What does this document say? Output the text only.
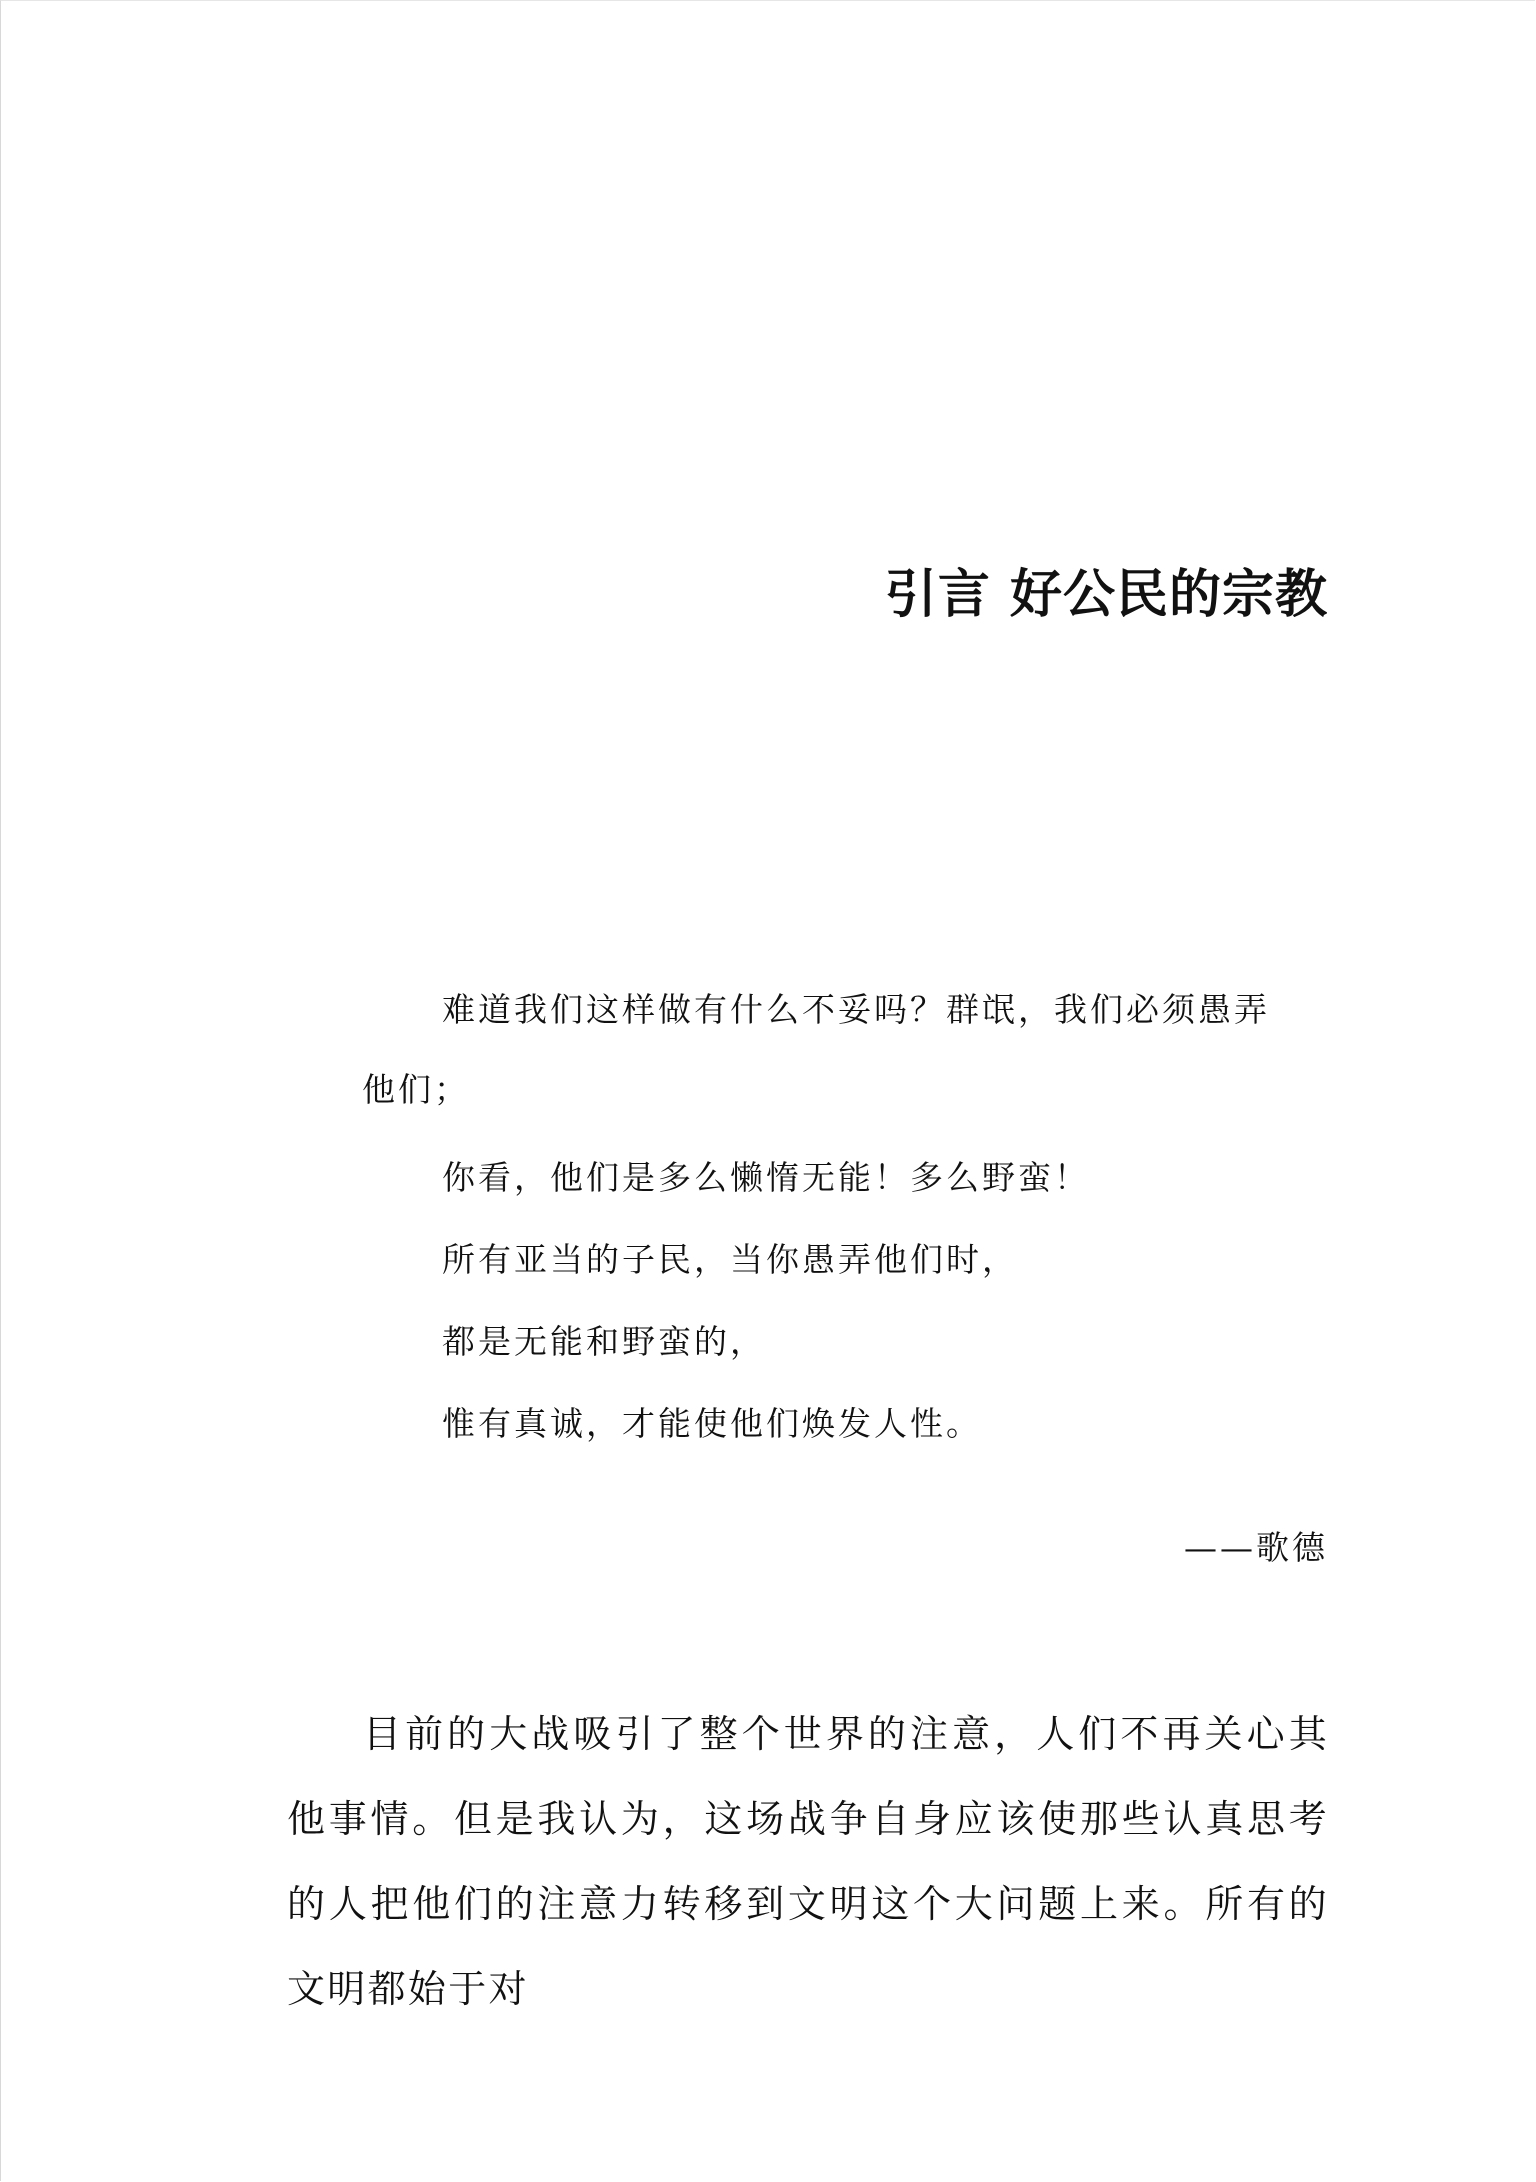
引言 好公民的宗教

难道我们这样做有什么不妥吗？群氓，我们必须愚弄

他们；

你看，他们是多么懒惰无能！多么野蛮！

所有亚当的子民，当你愚弄他们时，

都是无能和野蛮的，

惟有真诚，才能使他们焕发人性。

——歌德

目前的大战吸引了整个世界的注意，人们不再关心其他事情。但是我认为，这场战争自身应该使那些认真思考的人把他们的注意力转移到文明这个大问题上来。所有的文明都始于对
